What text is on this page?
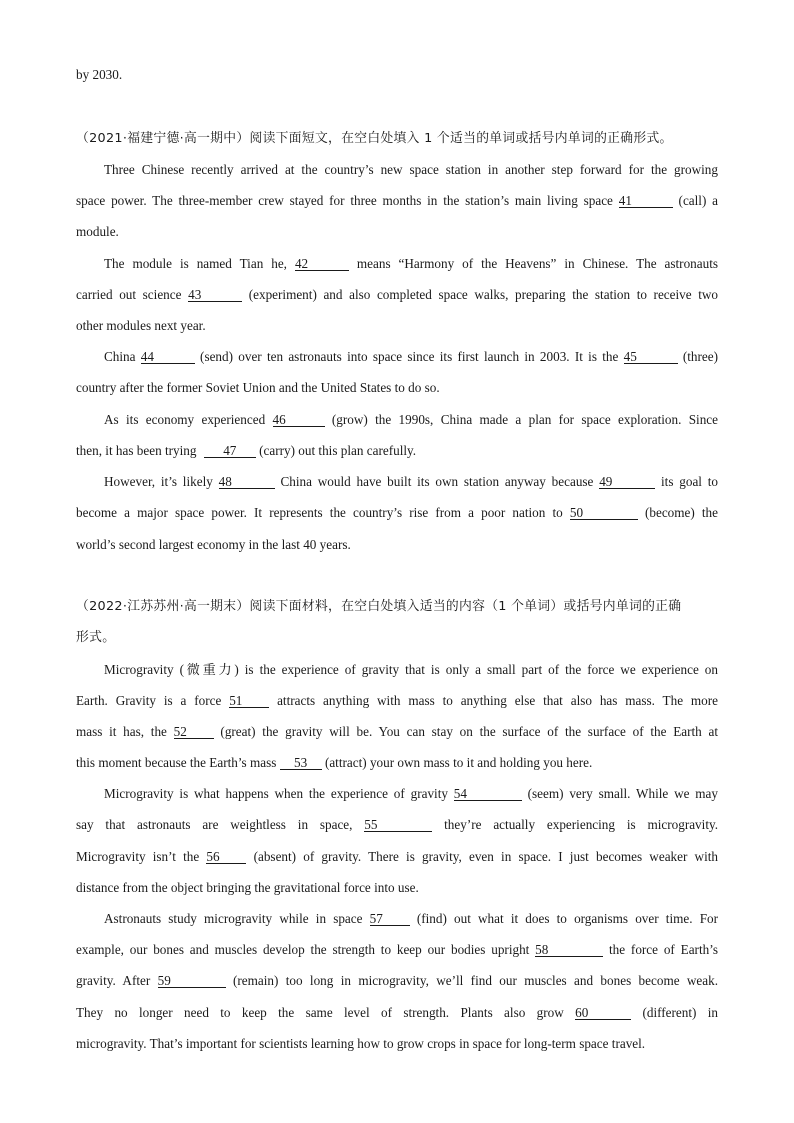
by 2030.
（2021·福建宁德·高一期中）阅读下面短文，在空白处填入 1 个适当的单词或括号内单词的正确形式。
Three Chinese recently arrived at the country’s new space station in another step forward for the growing
space power. The three-member crew stayed for three months in the station’s main living space 41	(call) a
module.
The module is named Tian he, 42	means “Harmony of the Heavens” in Chinese. The astronauts
carried out science 43	(experiment) and also completed space walks, preparing the station to receive two
other modules next year.
China 44	(send) over ten astronauts into space since its first launch in 2003. It is the 45	(three)
country after the former Soviet Union and the United States to do so.
As its economy experienced 46	(grow) the 1990s, China made a plan for space exploration. Since
then, it has been trying 47 (carry) out this plan carefully.
However, it’s likely 48	China would have built its own station anyway because 49	its goal to
become a major space power. It represents the country’s rise from a poor nation to 50	(become) the
world’s second largest economy in the last 40 years.
（2022·江苏苏州·高一期末）阅读下面材料，在空白处填入适当的内容（1 个单词）或括号内单词的正确
形式。
Microgravity (微重力) is the experience of gravity that is only a small part of the force we experience on
Earth. Gravity is a force 51	attracts anything with mass to anything else that also has mass. The more
mass it has, the 52	(great) the gravity will be. You can stay on the surface of the surface of the Earth at
this moment because the Earth’s mass 53 (attract) your own mass to it and holding you here.
Microgravity is what happens when the experience of gravity 54	(seem) very small. While we may
say that astronauts are weightless in space, 55	they’re actually experiencing is microgravity.
Microgravity isn’t the 56	(absent) of gravity. There is gravity, even in space. I just becomes weaker with
distance from the object bringing the gravitational force into use.
Astronauts study microgravity while in space 57	(find) out what it does to organisms over time. For
example, our bones and muscles develop the strength to keep our bodies upright 58	the force of Earth’s
gravity. After 59	(remain) too long in microgravity, we’ll find our muscles and bones become weak.
They no longer need to keep the same level of strength. Plants also grow 60	(different) in
microgravity. That’s important for scientists learning how to grow crops in space for long-term space travel.
